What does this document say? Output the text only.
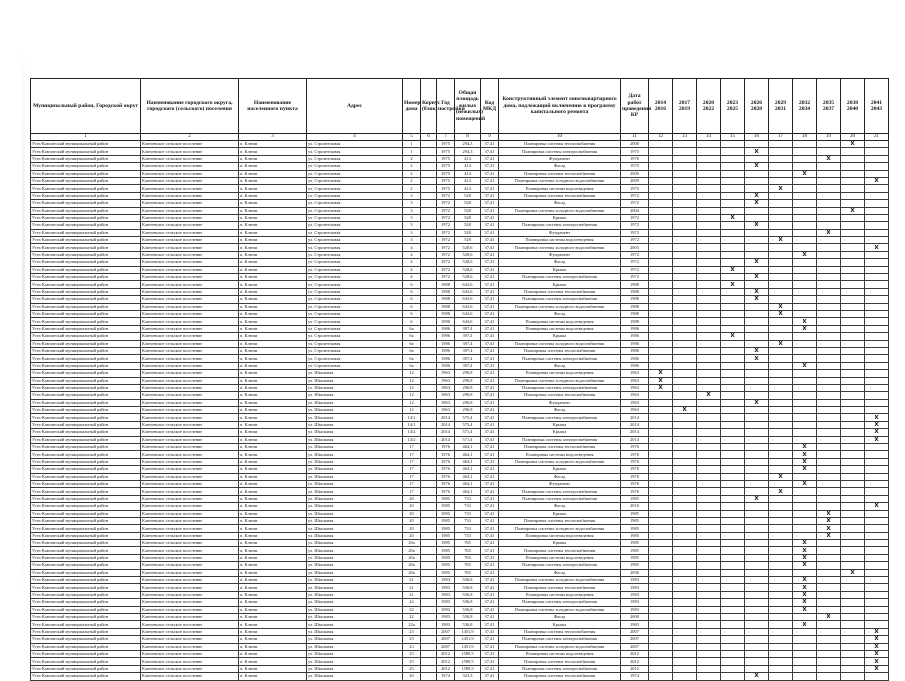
Муниципальный район, Городской округ	Наименование городского округа, городского (сельского) поселения	Наименование населенного пункта	Адрес	Номер дома	Корпус (блок)	Год постройки	Общая площадь жилых (нежилых) помещений	Код МКД	Конструктивный элемент многоквартирного дома, подлежащий включению в программу капитального ремонта	Дата работ проведения КР	2014 2016	2017 2019	2020 2022	2023 2025	2026 2028	2029 2031	2032 2034	2035 2037	2038 2040	2041 2043
1	2	3	4	5	6	7	8	9	10	11	12	13	14	15	16	17	18	19	20	21
Усть-Камчатский муниципальный район	Ключевское сельское поселение	п. Ключи	ул. Строительная	1		1975	294,3	37,41	Планировка системы теплоснабжения	2000									X	
Усть-Камчатский муниципальный район	Ключевское сельское поселение	п. Ключи	ул. Строительная	1		1975	294,3	37,41	Планировка системы электроснабжения	1975					X					
Усть-Камчатский муниципальный район	Ключевское сельское поселение	п. Ключи	ул. Строительная	2		1975	414	37,41	Фундамент	1976								X		
Усть-Камчатский муниципальный район	Ключевское сельское поселение	п. Ключи	ул. Строительная	2		1975	414	37,41	Фасад	1975					X					
Усть-Камчатский муниципальный район	Ключевское сельское поселение	п. Ключи	ул. Строительная	2		1975	414	37,41	Планировка системы теплоснабжения	2000							X			
Усть-Камчатский муниципальный район	Ключевское сельское поселение	п. Ключи	ул. Строительная	2		1975	414	37,41	Планировка системы холодного водоснабжения	2009										X
Усть-Камчатский муниципальный район	Ключевское сельское поселение	п. Ключи	ул. Строительная	2		1975	414	37,41	Планировка системы водоотведения	1975						X				
Усть-Камчатский муниципальный район	Ключевское сельское поселение	п. Ключи	ул. Строительная	3		1972	528	37,41	Планировка системы теплоснабжения	1972					X					
Усть-Камчатский муниципальный район	Ключевское сельское поселение	п. Ключи	ул. Строительная	3		1972	528	37,41	Фасад	1972					X					
Усть-Камчатский муниципальный район	Ключевское сельское поселение	п. Ключи	ул. Строительная	3		1972	528	37,41	Планировка системы холодного водоснабжения	2004									X	
Усть-Камчатский муниципальный район	Ключевское сельское поселение	п. Ключи	ул. Строительная	3		1972	528	37,41	Крыша	1972				X						
Усть-Камчатский муниципальный район	Ключевское сельское поселение	п. Ключи	ул. Строительная	3		1972	528	37,41	Планировка системы электроснабжения	1972					X					
Усть-Камчатский муниципальный район	Ключевское сельское поселение	п. Ключи	ул. Строительная	3		1972	528	37,41	Фундамент	1972								X		
Усть-Камчатский муниципальный район	Ключевское сельское поселение	п. Ключи	ул. Строительная	3		1972	528	37,41	Планировка системы водоотведения	1972						X				
Усть-Камчатский муниципальный район	Ключевское сельское поселение	п. Ключи	ул. Строительная	4		1972	528,6	37,41	Планировка системы холодного водоснабжения	2005										X
Усть-Камчатский муниципальный район	Ключевское сельское поселение	п. Ключи	ул. Строительная	4		1972	528,6	37,41	Фундамент	1972							X			
Усть-Камчатский муниципальный район	Ключевское сельское поселение	п. Ключи	ул. Строительная	4		1972	528,6	37,41	Фасад	1972					X					
Усть-Камчатский муниципальный район	Ключевское сельское поселение	п. Ключи	ул. Строительная	4		1972	528,6	37,41	Крыша	1972				X						
Усть-Камчатский муниципальный район	Ключевское сельское поселение	п. Ключи	ул. Строительная	4		1972	528,6	37,41	Планировка системы электроснабжения	1972					X					
Усть-Камчатский муниципальный район	Ключевское сельское поселение	п. Ключи	ул. Строительная	6		1988	643,6	37,41	Крыша	1988				X						
Усть-Камчатский муниципальный район	Ключевское сельское поселение	п. Ключи	ул. Строительная	6		1988	643,6	37,41	Планировка системы теплоснабжения	1988					X					
Усть-Камчатский муниципальный район	Ключевское сельское поселение	п. Ключи	ул. Строительная	6		1988	643,6	37,41	Планировка системы электроснабжения	1988					X					
Усть-Камчатский муниципальный район	Ключевское сельское поселение	п. Ключи	ул. Строительная	6		1988	643,6	37,41	Планировка системы холодного водоснабжения	1988						X				
Усть-Камчатский муниципальный район	Ключевское сельское поселение	п. Ключи	ул. Строительная	6		1988	643,6	37,41	Фасад	1988						X				
Усть-Камчатский муниципальный район	Ключевское сельское поселение	п. Ключи	ул. Строительная	6		1988	643,6	37,41	Планировка системы водоотведения	1988							X			
Усть-Камчатский муниципальный район	Ключевское сельское поселение	п. Ключи	ул. Строительная	6а		1986	397,4	37,41	Планировка системы водоотведения	1986							X			
Усть-Камчатский муниципальный район	Ключевское сельское поселение	п. Ключи	ул. Строительная	6а		1986	397,4	37,41	Крыша	1986				X						
Усть-Камчатский муниципальный район	Ключевское сельское поселение	п. Ключи	ул. Строительная	6а		1986	397,4	37,41	Планировка системы холодного водоснабжения	1986						X				
Усть-Камчатский муниципальный район	Ключевское сельское поселение	п. Ключи	ул. Строительная	6а		1986	397,4	37,41	Планировка системы теплоснабжения	1986					X					
Усть-Камчатский муниципальный район	Ключевское сельское поселение	п. Ключи	ул. Строительная	6а		1986	397,4	37,41	Планировка системы электроснабжения	1986					X					
Усть-Камчатский муниципальный район	Ключевское сельское поселение	п. Ключи	ул. Строительная	6а		1986	397,4	37,41	Фасад	1986							X			
Усть-Камчатский муниципальный район	Ключевское сельское поселение	п. Ключи	ул. Школьная	12		1963	296,8	37,41	Планировка системы водоотведения	1963	X									
Усть-Камчатский муниципальный район	Ключевское сельское поселение	п. Ключи	ул. Школьная	12		1963	296,8	37,41	Планировка системы холодного водоснабжения	1963	X									
Усть-Камчатский муниципальный район	Ключевское сельское поселение	п. Ключи	ул. Школьная	12		1963	296,8	37,41	Планировка системы электроснабжения	1963	X									
Усть-Камчатский муниципальный район	Ключевское сельское поселение	п. Ключи	ул. Школьная	12		1963	296,8	37,41	Планировка системы теплоснабжения	1963			X							
Усть-Камчатский муниципальный район	Ключевское сельское поселение	п. Ключи	ул. Школьная	12		1963	296,8	37,41	Фундамент	1963					X					
Усть-Камчатский муниципальный район	Ключевское сельское поселение	п. Ключи	ул. Школьная	12		1963	296,8	37,41	Фасад	1963		X								
Усть-Камчатский муниципальный район	Ключевское сельское поселение	п. Ключи	ул. Школьная	14/1		2014	575,4	37,41	Планировка системы электроснабжения	2014										X
Усть-Камчатский муниципальный район	Ключевское сельское поселение	п. Ключи	ул. Школьная	14/1		2014	575,4	37,41	Крыша	2014										X
Усть-Камчатский муниципальный район	Ключевское сельское поселение	п. Ключи	ул. Школьная	14/2		2014	571,4	37,41	Крыша	2014										X
Усть-Камчатский муниципальный район	Ключевское сельское поселение	п. Ключи	ул. Школьная	14/2		2014	571,4	37,41	Планировка системы электроснабжения	2014										X
Усть-Камчатский муниципальный район	Ключевское сельское поселение	п. Ключи	ул. Школьная	17		1976	464,1	37,41	Планировка системы теплоснабжения	1976							X			
Усть-Камчатский муниципальный район	Ключевское сельское поселение	п. Ключи	ул. Школьная	17		1976	464,1	37,41	Планировка системы водоотведения	1976							X			
Усть-Камчатский муниципальный район	Ключевское сельское поселение	п. Ключи	ул. Школьная	17		1976	464,1	37,41	Планировка системы холодного водоснабжения	1976							X			
Усть-Камчатский муниципальный район	Ключевское сельское поселение	п. Ключи	ул. Школьная	17		1976	464,1	37,41	Крыша	1976							X			
Усть-Камчатский муниципальный район	Ключевское сельское поселение	п. Ключи	ул. Школьная	17		1976	464,1	37,41	Фасад	1976						X				
Усть-Камчатский муниципальный район	Ключевское сельское поселение	п. Ключи	ул. Школьная	17		1976	464,1	37,41	Фундамент	1976							X			
Усть-Камчатский муниципальный район	Ключевское сельское поселение	п. Ключи	ул. Школьная	17		1976	464,1	37,41	Планировка системы электроснабжения	1976						X				
Усть-Камчатский муниципальный район	Ключевское сельское поселение	п. Ключи	ул. Школьная	20		1985	733	37,41	Планировка системы электроснабжения	1985					X					
Усть-Камчатский муниципальный район	Ключевское сельское поселение	п. Ключи	ул. Школьная	20		1985	733	37,41	Фасад	2010										X
Усть-Камчатский муниципальный район	Ключевское сельское поселение	п. Ключи	ул. Школьная	20		1985	733	37,41	Крыша	1985								X		
Усть-Камчатский муниципальный район	Ключевское сельское поселение	п. Ключи	ул. Школьная	20		1985	733	37,41	Планировка системы теплоснабжения	1985								X		
Усть-Камчатский муниципальный район	Ключевское сельское поселение	п. Ключи	ул. Школьная	20		1985	733	37,41	Планировка системы холодного водоснабжения	1985								X		
Усть-Камчатский муниципальный район	Ключевское сельское поселение	п. Ключи	ул. Школьная	20		1985	733	37,41	Планировка системы водоотведения	1985								X		
Усть-Камчатский муниципальный район	Ключевское сельское поселение	п. Ключи	ул. Школьная	20а		1985	765	37,41	Крыша	1985							X			
Усть-Камчатский муниципальный район	Ключевское сельское поселение	п. Ключи	ул. Школьная	20а		1985	765	37,41	Планировка системы теплоснабжения	1985							X			
Усть-Камчатский муниципальный район	Ключевское сельское поселение	п. Ключи	ул. Школьная	20а		1985	765	37,41	Планировка системы водоотведения	1985							X			
Усть-Камчатский муниципальный район	Ключевское сельское поселение	п. Ключи	ул. Школьная	20а		1985	765	37,41	Планировка системы электроснабжения	1985							X			
Усть-Камчатский муниципальный район	Ключевское сельское поселение	п. Ключи	ул. Школьная	20а		1985	765	37,41	Фасад	2006									X	
Усть-Камчатский муниципальный район	Ключевское сельское поселение	п. Ключи	ул. Школьная	21		1983	536,8	37,41	Планировка системы холодного водоснабжения	1983							X			
Усть-Камчатский муниципальный район	Ключевское сельское поселение	п. Ключи	ул. Школьная	21		1983	536,8	37,41	Планировка системы теплоснабжения	1983							X			
Усть-Камчатский муниципальный район	Ключевское сельское поселение	п. Ключи	ул. Школьная	21		1983	536,8	37,41	Планировка системы водоотведения	1983							X			
Усть-Камчатский муниципальный район	Ключевское сельское поселение	п. Ключи	ул. Школьная	22		1983	536,8	37,41	Планировка системы электроснабжения	1983							X			
Усть-Камчатский муниципальный район	Ключевское сельское поселение	п. Ключи	ул. Школьная	22		1983	536,8	37,41	Планировка системы холодного водоснабжения	1983							X			
Усть-Камчатский муниципальный район	Ключевское сельское поселение	п. Ключи	ул. Школьная	22		1983	536,8	37,41	Фасад	2000								X		
Усть-Камчатский муниципальный район	Ключевское сельское поселение	п. Ключи	ул. Школьная	22а		1983	536,8	37,41	Крыша	1983							X			
Усть-Камчатский муниципальный район	Ключевское сельское поселение	п. Ключи	ул. Школьная	23		2007	1451,9	37,41	Планировка системы теплоснабжения	2007										X
Усть-Камчатский муниципальный район	Ключевское сельское поселение	п. Ключи	ул. Школьная	23		2007	1451,9	37,41	Планировка системы электроснабжения	2007										X
Усть-Камчатский муниципальный район	Ключевское сельское поселение	п. Ключи	ул. Школьная	23		2007	1451,9	37,41	Планировка системы холодного водоснабжения	2007										X
Усть-Камчатский муниципальный район	Ключевское сельское поселение	п. Ключи	ул. Школьная	25		2012	1589,5	37,41	Планировка системы водоотведения	2012										X
Усть-Камчатский муниципальный район	Ключевское сельское поселение	п. Ключи	ул. Школьная	25		2012	1589,5	37,41	Планировка системы теплоснабжения	2012										X
Усть-Камчатский муниципальный район	Ключевское сельское поселение	п. Ключи	ул. Школьная	25		2012	1589,5	37,41	Планировка системы электроснабжения	2012										X
Усть-Камчатский муниципальный район	Ключевское сельское поселение	п. Ключи	ул. Школьная	26		1974	323,3	37,41	Планировка системы теплоснабжения	1974					X					
